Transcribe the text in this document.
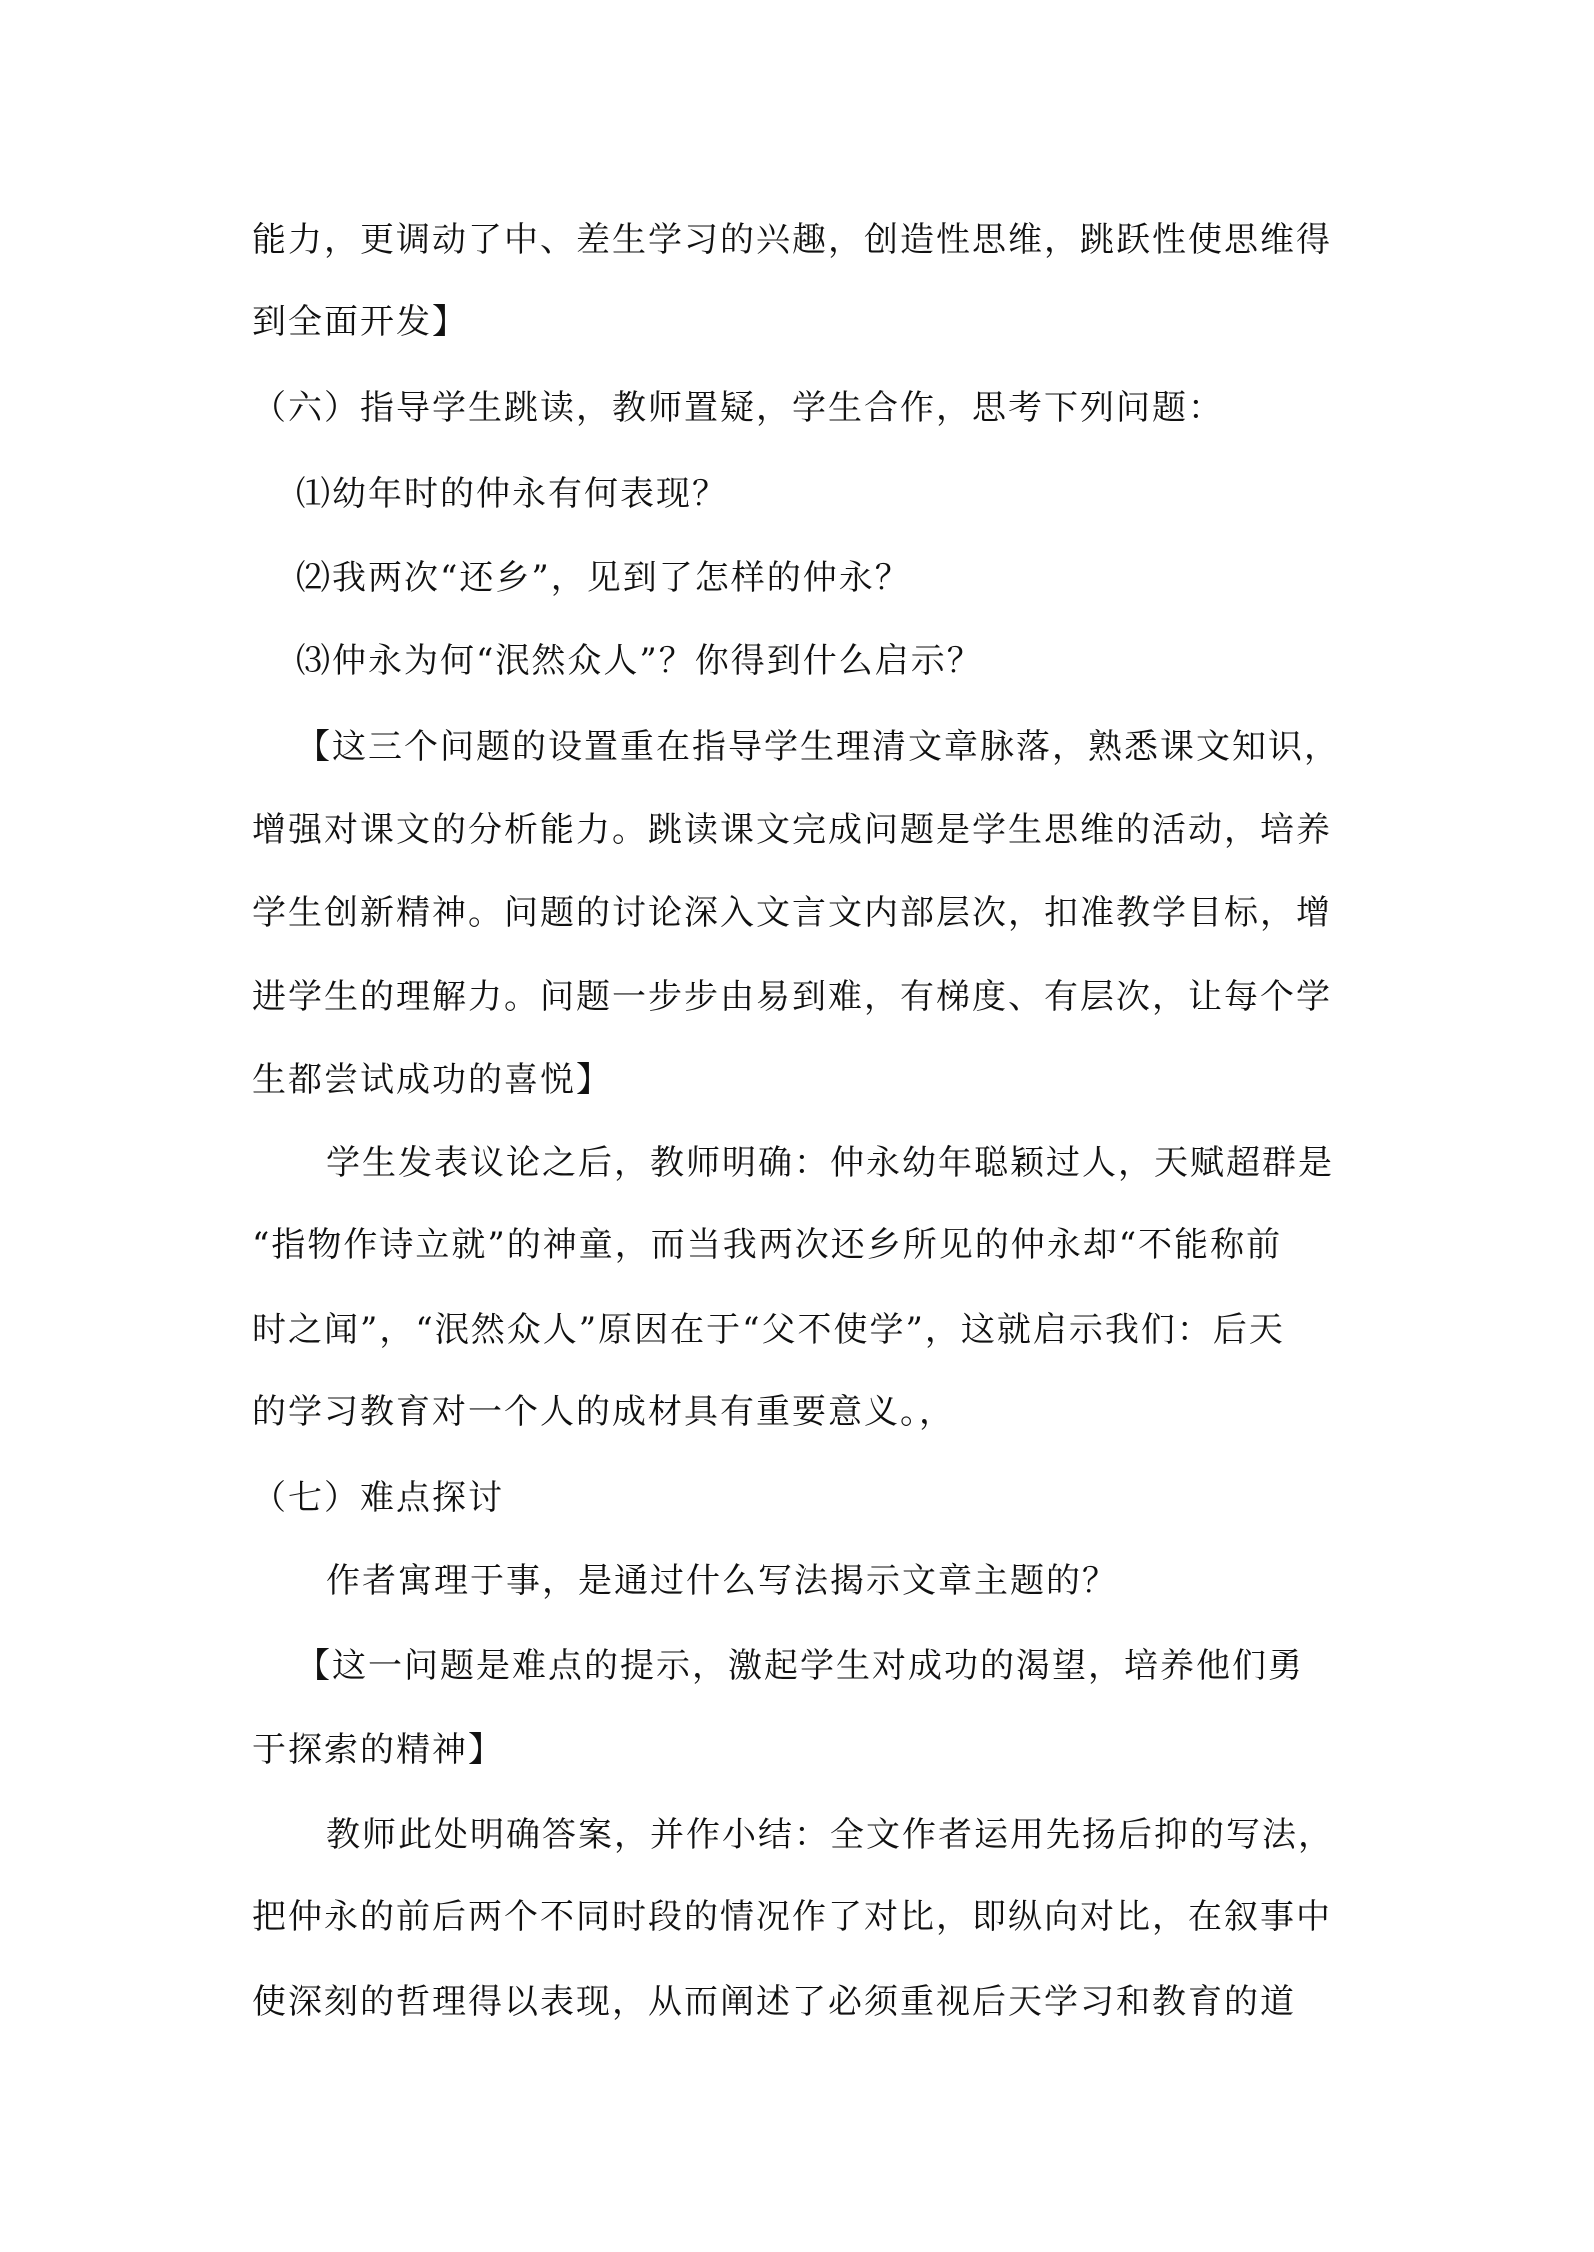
能力，更调动了中、差生学习的兴趣，创造性思维，跳跃性使思维得

到全面开发】

（六）指导学生跳读，教师置疑，学生合作，思考下列问题：

⑴幼年时的仲永有何表现？

⑵我两次“还乡”，见到了怎样的仲永？

⑶仲永为何“泯然众人”？你得到什么启示？

【这三个问题的设置重在指导学生理清文章脉落，熟悉课文知识，

增强对课文的分析能力。跳读课文完成问题是学生思维的活动，培养

学生创新精神。问题的讨论深入文言文内部层次，扣准教学目标，增

进学生的理解力。问题一步步由易到难，有梯度、有层次，让每个学

生都尝试成功的喜悦】

学生发表议论之后，教师明确：仲永幼年聪颖过人，天赋超群是

“指物作诗立就”的神童，而当我两次还乡所见的仲永却“不能称前

时之闻”，“泯然众人”原因在于“父不使学”，这就启示我们：后天

的学习教育对一个人的成材具有重要意义。，

（七）难点探讨

作者寓理于事，是通过什么写法揭示文章主题的？

【这一问题是难点的提示，激起学生对成功的渴望，培养他们勇

于探索的精神】

教师此处明确答案，并作小结：全文作者运用先扬后抑的写法，

把仲永的前后两个不同时段的情况作了对比，即纵向对比，在叙事中

使深刻的哲理得以表现，从而阐述了必须重视后天学习和教育的道
